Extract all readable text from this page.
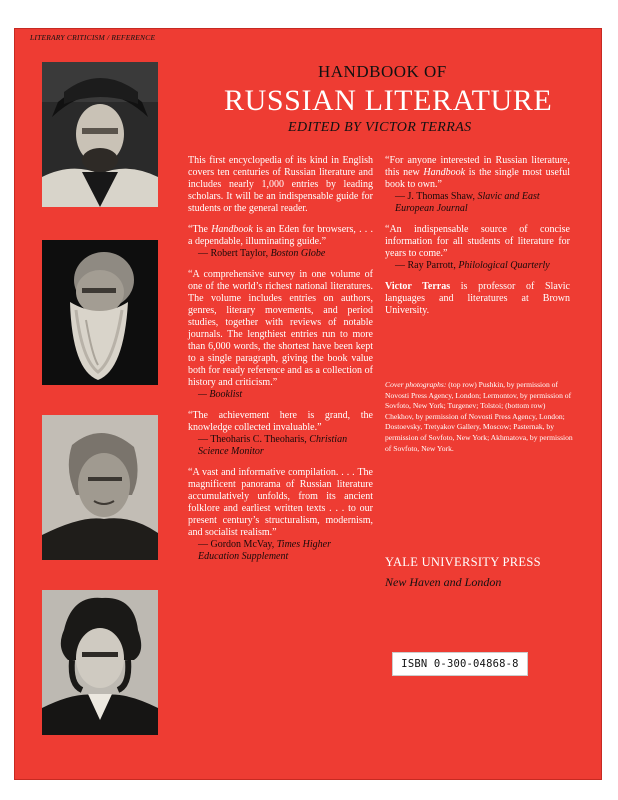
LITERARY CRITICISM / REFERENCE
HANDBOOK OF
RUSSIAN LITERATURE
EDITED BY VICTOR TERRAS

This first encyclopedia of its kind in English covers ten centuries of Russian literature and includes nearly 1,000 entries by leading scholars. It will be an indispensable guide for students or the general reader.

“The Handbook is an Eden for browsers, . . . a dependable, illuminating guide.”
— Robert Taylor, Boston Globe

“A comprehensive survey in one volume of one of the world’s richest national literatures. The volume includes entries on authors, genres, literary movements, and period studies, together with reviews of notable journals. The lengthiest entries run to more than 6,000 words, the shortest have been kept to a single paragraph, giving the book value both for ready reference and as a collection of history and criticism.”
— Booklist

“The achievement here is grand, the knowledge collected invaluable.”
— Theoharis C. Theoharis, Christian Science Monitor

“A vast and informative compilation. . . . The magnificent panorama of Russian literature accumulatively unfolds, from its ancient folklore and earliest written texts . . . to our present century’s structuralism, modernism, and socialist realism.”
— Gordon McVay, Times Higher Education Supplement

“For anyone interested in Russian literature, this new Handbook is the single most useful book to own.”
— J. Thomas Shaw, Slavic and East European Journal

“An indispensable source of concise information for all students of literature for years to come.”
— Ray Parrott, Philological Quarterly

Victor Terras is professor of Slavic languages and literatures at Brown University.

Cover photographs: (top row) Pushkin, by permission of Novosti Press Agency, London; Lermontov, by permission of Sovfoto, New York; Turgenev; Tolstoi; (bottom row) Chekhov, by permission of Novosti Press Agency, London; Dostoevsky, Tretyakov Gallery, Moscow; Pasternak, by permission of Sovfoto, New York; Akhmatova, by permission of Sovfoto, New York.
YALE UNIVERSITY PRESS
New Haven and London
ISBN 0-300-04868-8
